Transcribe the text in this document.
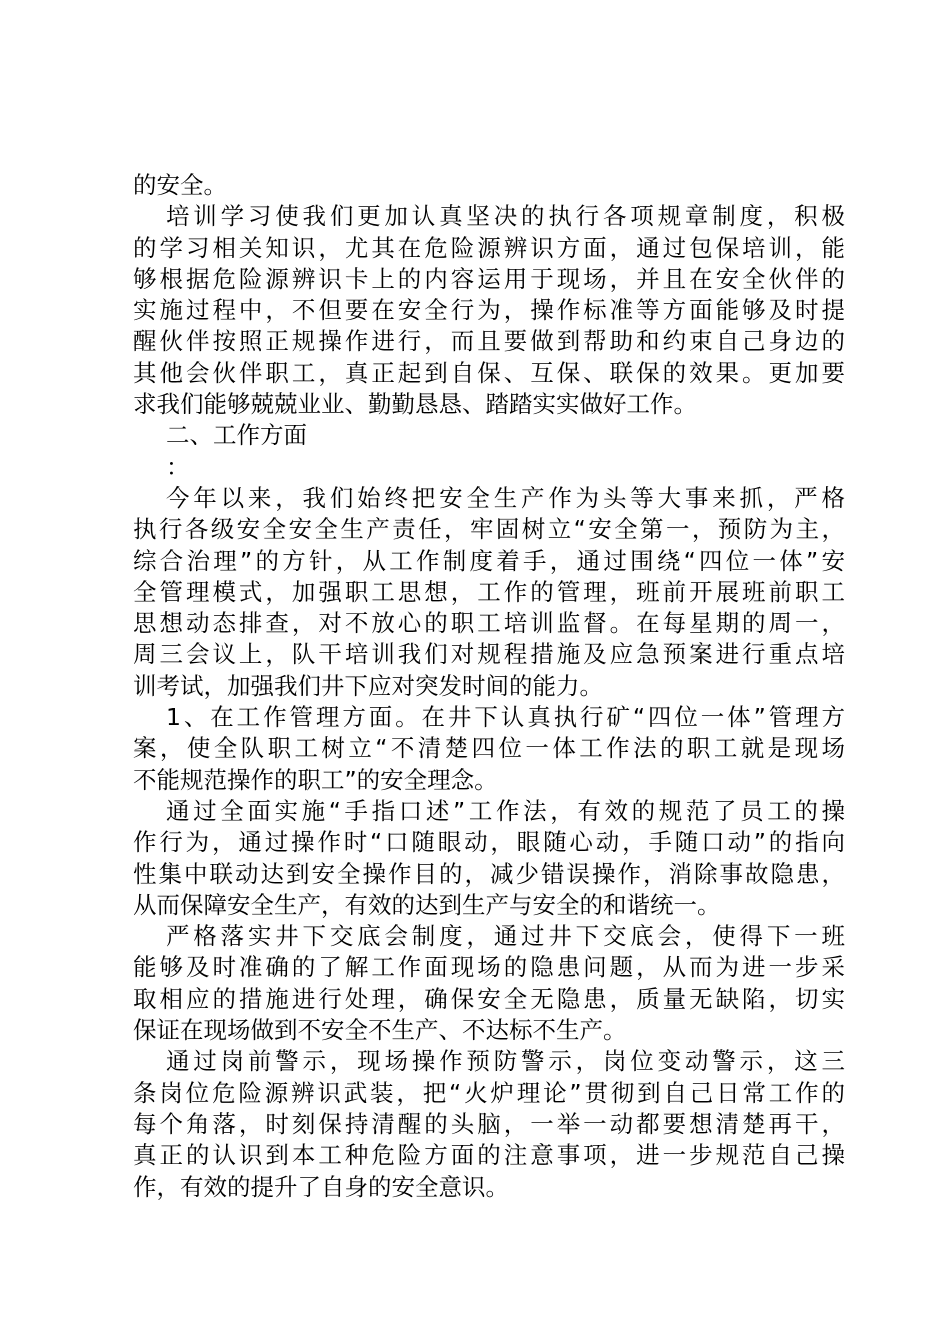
的安全。
培训学习使我们更加认真坚决的执行各项规章制度，积极
的学习相关知识，尤其在危险源辨识方面，通过包保培训，能
够根据危险源辨识卡上的内容运用于现场，并且在安全伙伴的
实施过程中，不但要在安全行为，操作标准等方面能够及时提
醒伙伴按照正规操作进行，而且要做到帮助和约束自己身边的
其他会伙伴职工，真正起到自保、互保、联保的效果。更加要
求我们能够兢兢业业、勤勤恳恳、踏踏实实做好工作。
二、工作方面
：
今年以来，我们始终把安全生产作为头等大事来抓，严格
执行各级安全安全生产责任，牢固树立“安全第一，预防为主，
综合治理”的方针，从工作制度着手，通过围绕“四位一体”安
全管理模式，加强职工思想，工作的管理，班前开展班前职工
思想动态排查，对不放心的职工培训监督。在每星期的周一，
周三会议上，队干培训我们对规程措施及应急预案进行重点培
训考试，加强我们井下应对突发时间的能力。
1、在工作管理方面。在井下认真执行矿“四位一体”管理方
案，使全队职工树立“不清楚四位一体工作法的职工就是现场
不能规范操作的职工”的安全理念。
通过全面实施“手指口述”工作法，有效的规范了员工的操
作行为，通过操作时“口随眼动，眼随心动，手随口动”的指向
性集中联动达到安全操作目的，减少错误操作，消除事故隐患，
从而保障安全生产，有效的达到生产与安全的和谐统一。
严格落实井下交底会制度，通过井下交底会，使得下一班
能够及时准确的了解工作面现场的隐患问题，从而为进一步采
取相应的措施进行处理，确保安全无隐患，质量无缺陷，切实
保证在现场做到不安全不生产、不达标不生产。
通过岗前警示，现场操作预防警示，岗位变动警示，这三
条岗位危险源辨识武装，把“火炉理论”贯彻到自己日常工作的
每个角落，时刻保持清醒的头脑，一举一动都要想清楚再干，
真正的认识到本工种危险方面的注意事项，进一步规范自己操
作，有效的提升了自身的安全意识。
